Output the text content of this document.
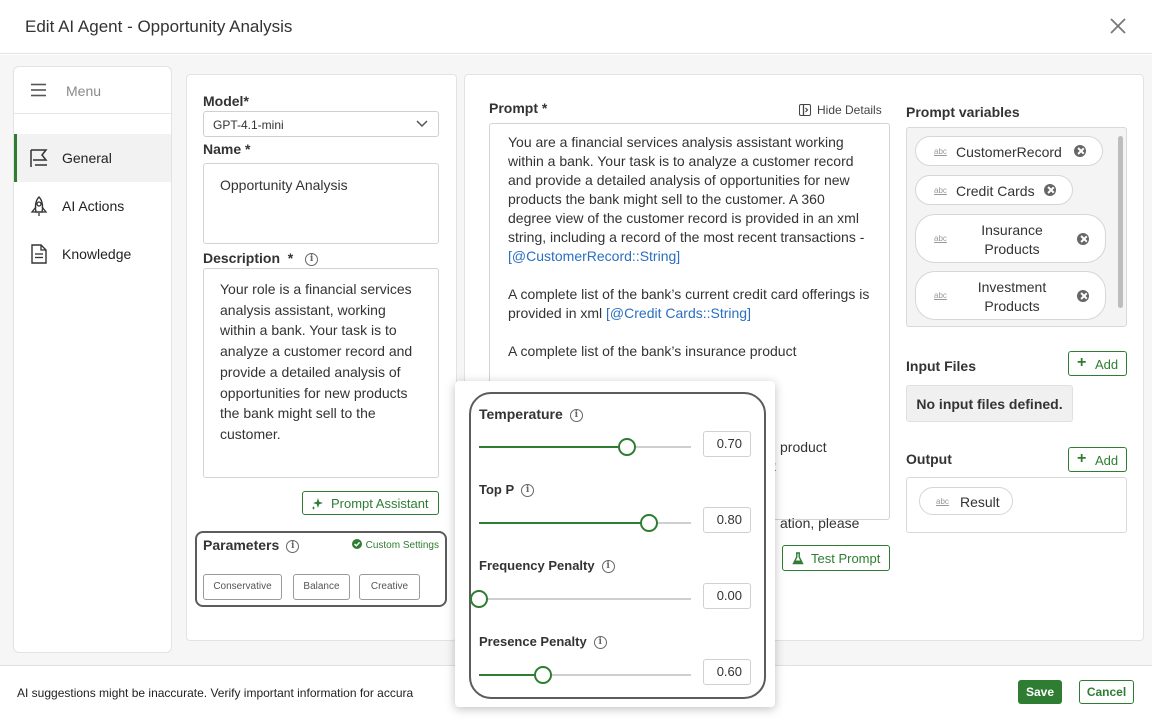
Edit AI Agent - Opportunity Analysis
Menu
General
AI Actions
Knowledge
Model*
GPT-4.1-mini
Name *
Opportunity Analysis
Description  * i
Your role is a financial services analysis assistant, working within a bank. Your task is to analyze a customer record and provide a detailed analysis of opportunities for new products the bank might sell to the customer.
Prompt Assistant
Parameters i	Custom Settings
Conservative	Balance	Creative
Prompt *	Hide Details

You are a financial services analysis assistant working within a bank. Your task is to analyze a customer record and provide a detailed analysis of opportunities for new products the bank might sell to the customer. A 360 degree view of the customer record is provided in an xml string, including a record of the most recent transactions - [@CustomerRecord::String]

A complete list of the bank’s current credit card offerings is provided in xml [@Credit Cards::String]

A complete list of the bank’s insurance product

product
ation, please
Test Prompt
Prompt variables
abc CustomerRecord
abc Credit Cards
abc
Insurance Products
abc
Investment Products
Input Files	+ Add
No input files defined.
Output	+ Add
abc Result
AI suggestions might be inaccurate. Verify important information for accura	Save	Cancel
Temperature i
0.70
Top P i
0.80
Frequency Penalty i
0.00
Presence Penalty i
0.60
